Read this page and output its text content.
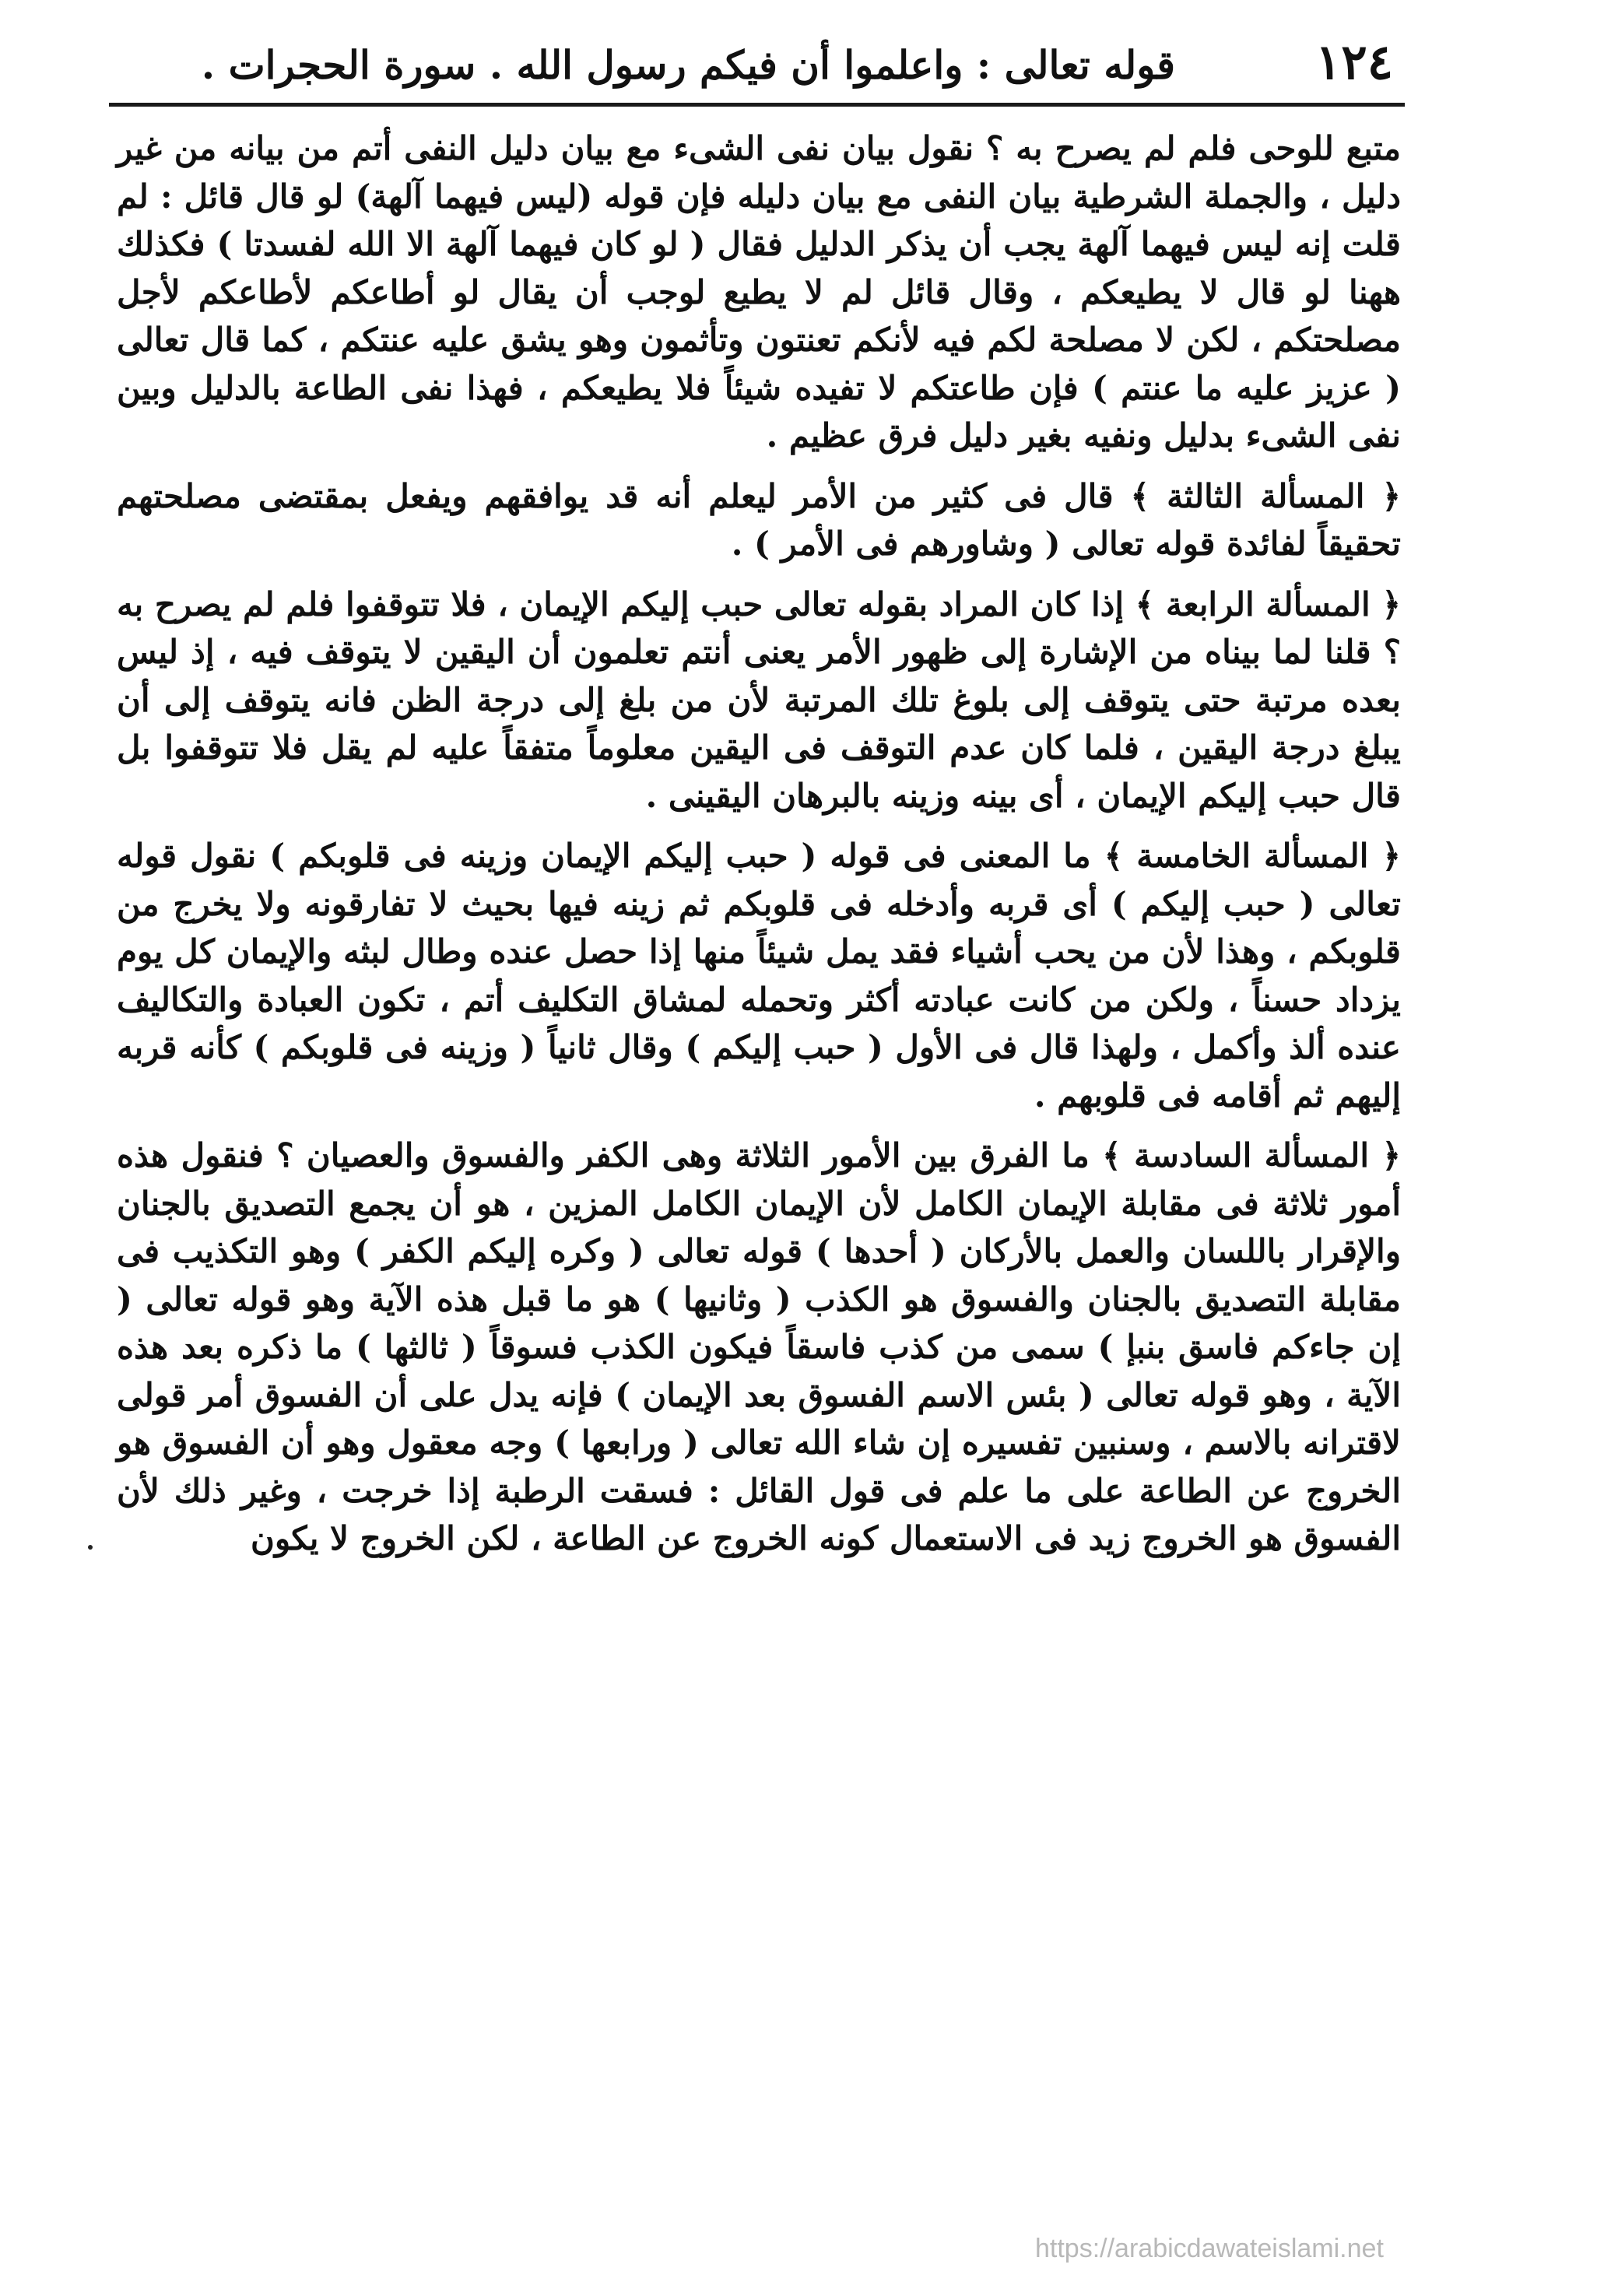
١٢٤
قوله تعالى : واعلموا أن فيكم رسول الله . سورة الحجرات .

متبع للوحى فلم لم يصرح به ؟ نقول بيان نفى الشىء مع بيان دليل النفى أتم من بيانه من غير دليل ، والجملة الشرطية بيان النفى مع بيان دليله فإن قوله (ليس فيهما آلهة) لو قال قائل : لم قلت إنه ليس فيهما آلهة يجب أن يذكر الدليل فقال ( لو كان فيهما آلهة الا الله لفسدتا ) فكذلك ههنا لو قال لا يطيعكم ، وقال قائل لم لا يطيع لوجب أن يقال لو أطاعكم لأطاعكم لأجل مصلحتكم ، لكن لا مصلحة لكم فيه لأنكم تعنتون وتأثمون وهو يشق عليه عنتكم ، كما قال تعالى ( عزيز عليه ما عنتم ) فإن طاعتكم لا تفيده شيئاً فلا يطيعكم ، فهذا نفى الطاعة بالدليل وبين نفى الشىء بدليل ونفيه بغير دليل فرق عظيم .

﴿ المسألة الثالثة ﴾ قال فى كثير من الأمر ليعلم أنه قد يوافقهم ويفعل بمقتضى مصلحتهم تحقيقاً لفائدة قوله تعالى ( وشاورهم فى الأمر ) .

﴿ المسألة الرابعة ﴾ إذا كان المراد بقوله تعالى حبب إليكم الإيمان ، فلا تتوقفوا فلم لم يصرح به ؟ قلنا لما بيناه من الإشارة إلى ظهور الأمر يعنى أنتم تعلمون أن اليقين لا يتوقف فيه ، إذ ليس بعده مرتبة حتى يتوقف إلى بلوغ تلك المرتبة لأن من بلغ إلى درجة الظن فانه يتوقف إلى أن يبلغ درجة اليقين ، فلما كان عدم التوقف فى اليقين معلوماً متفقاً عليه لم يقل فلا تتوقفوا بل قال حبب إليكم الإيمان ، أى بينه وزينه بالبرهان اليقينى .

﴿ المسألة الخامسة ﴾ ما المعنى فى قوله ( حبب إليكم الإيمان وزينه فى قلوبكم ) نقول قوله تعالى ( حبب إليكم ) أى قربه وأدخله فى قلوبكم ثم زينه فيها بحيث لا تفارقونه ولا يخرج من قلوبكم ، وهذا لأن من يحب أشياء فقد يمل شيئاً منها إذا حصل عنده وطال لبثه والإيمان كل يوم يزداد حسناً ، ولكن من كانت عبادته أكثر وتحمله لمشاق التكليف أتم ، تكون العبادة والتكاليف عنده ألذ وأكمل ، ولهذا قال فى الأول ( حبب إليكم ) وقال ثانياً ( وزينه فى قلوبكم ) كأنه قربه إليهم ثم أقامه فى قلوبهم .

﴿ المسألة السادسة ﴾ ما الفرق بين الأمور الثلاثة وهى الكفر والفسوق والعصيان ؟ فنقول هذه أمور ثلاثة فى مقابلة الإيمان الكامل لأن الإيمان الكامل المزين ، هو أن يجمع التصديق بالجنان والإقرار باللسان والعمل بالأركان ( أحدها ) قوله تعالى ( وكره إليكم الكفر ) وهو التكذيب فى مقابلة التصديق بالجنان والفسوق هو الكذب ( وثانيها ) هو ما قبل هذه الآية وهو قوله تعالى ( إن جاءكم فاسق بنبإ ) سمى من كذب فاسقاً فيكون الكذب فسوقاً ( ثالثها ) ما ذكره بعد هذه الآية ، وهو قوله تعالى ( بئس الاسم الفسوق بعد الإيمان ) فإنه يدل على أن الفسوق أمر قولى لاقترانه بالاسم ، وسنبين تفسيره إن شاء الله تعالى ( ورابعها ) وجه معقول وهو أن الفسوق هو الخروج عن الطاعة على ما علم فى قول القائل : فسقت الرطبة إذا خرجت ، وغير ذلك لأن الفسوق هو الخروج زيد فى الاستعمال كونه الخروج عن الطاعة ، لكن الخروج لا يكون

https://arabicdawateislami.net
